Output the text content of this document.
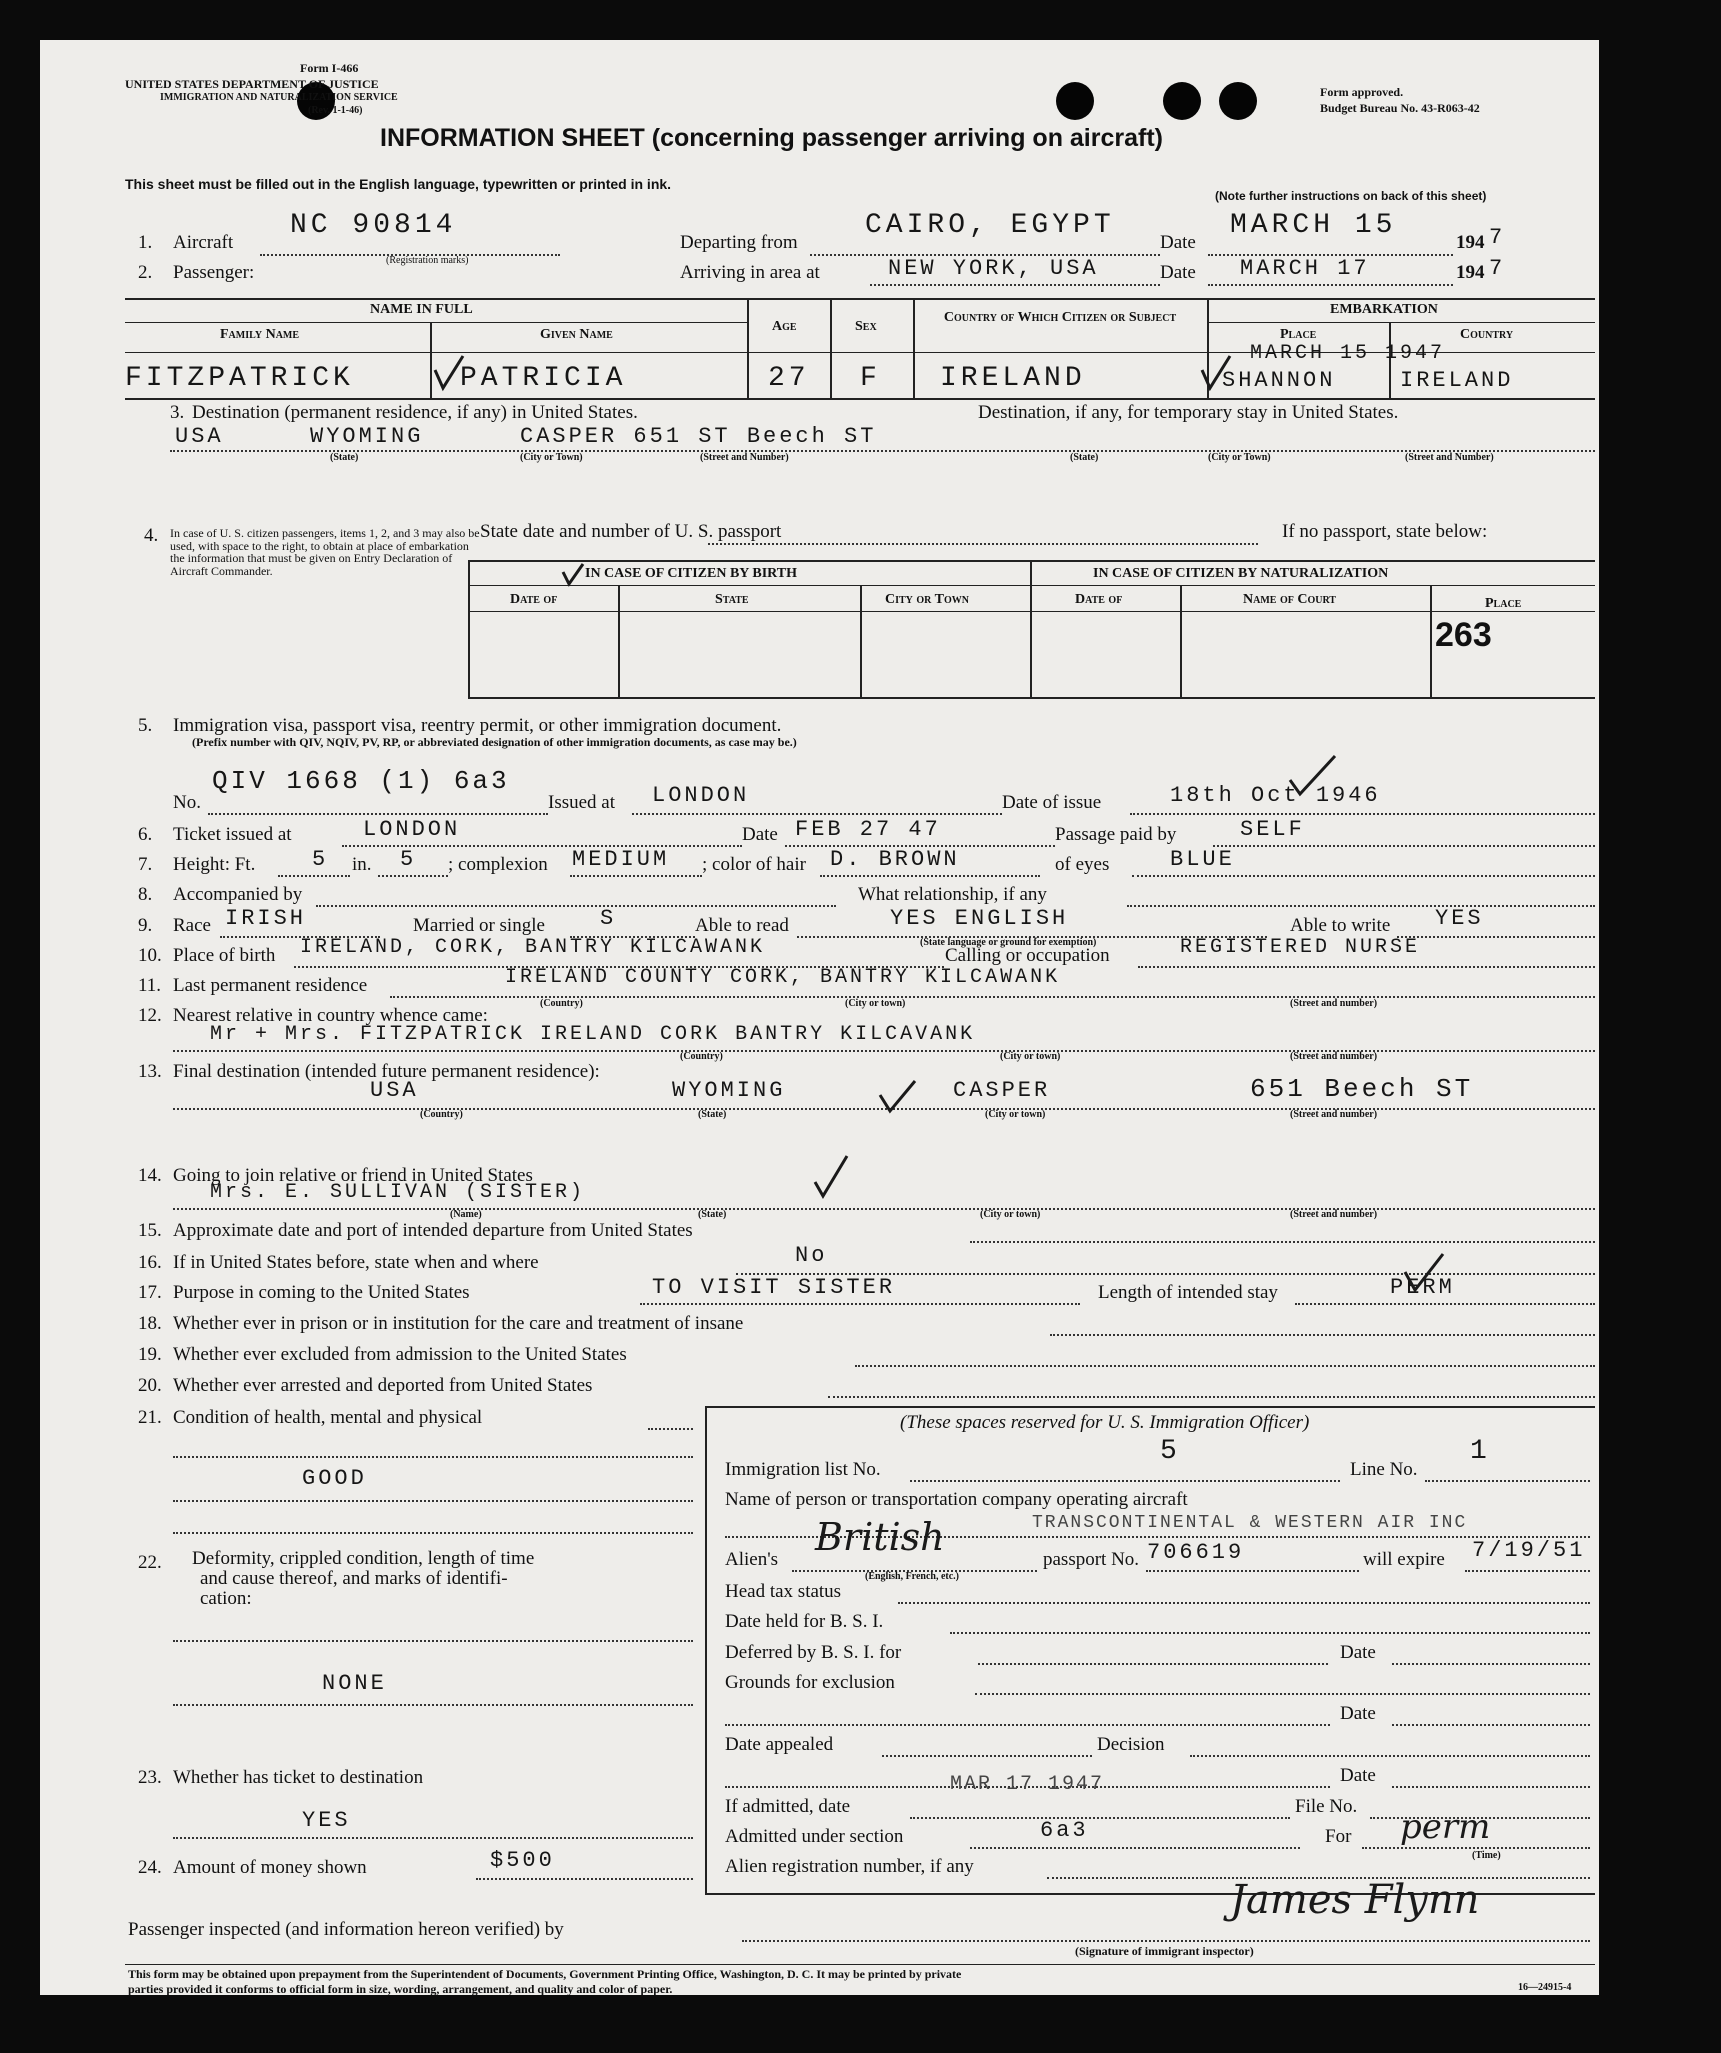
Form I-466
UNITED STATES DEPARTMENT OF JUSTICE
IMMIGRATION AND NATURALIZATION SERVICE
(Rev. 1-1-46)
Form approved.
Budget Bureau No. 43-R063-42
INFORMATION SHEET (concerning passenger arriving on aircraft)
This sheet must be filled out in the English language, typewritten or printed in ink.
(Note further instructions on back of this sheet)
1. Aircraft
NC 90814
(Registration marks)
Departing from
CAIRO, EGYPT
Date
MARCH 15
194 7
2. Passenger:	Arriving in area at	NEW YORK, USA	Date MARCH 17	194 7
NAME IN FULL
Family Name	Given Name
Age	Sex
Country of Which Citizen or Subject
EMBARKATION
Place	Country
FITZPATRICK	PATRICIA	27 F IRELAND
MARCH 15 1947
SHANNON	IRELAND
3. Destination (permanent residence, if any) in United States.	Destination, if any, for temporary stay in United States.
USA	WYOMING	CASPER 651 ST Beech ST
(State)	(City or Town)	(Street and Number)	(State)	(City or Town)	(Street and Number)
4. In case of U. S. citizen passengers, items 1, 2, and 3 may also be used, with space to the right, to obtain at place of embarkation the information that must be given on Entry Declaration of Aircraft Commander.
State date and number of U. S. passport	If no passport, state below:
IN CASE OF CITIZEN BY BIRTH	IN CASE OF CITIZEN BY NATURALIZATION
Date of	State	City or Town	Date of	Name of Court	Place
263
5. Immigration visa, passport visa, reentry permit, or other immigration document.
(Prefix number with QIV, NQIV, PV, RP, or abbreviated designation of other immigration documents, as case may be.)
No.
QIV 1668 (1) 6a3
Issued at LONDON	Date of issue	18th Oct 1946
6. Ticket issued at	LONDON	Date FEB 27 47	Passage paid by	SELF
7. Height: Ft.	5 in. 5 ; complexion MEDIUM ; color of hair D. BROWN	of eyes	BLUE
8. Accompanied by	What relationship, if any
9. Race IRISH	Married or single	S	Able to read	YES ENGLISH
(State language or ground for exemption)
Able to write YES
10. Place of birth IRELAND, CORK, BANTRY KILCAWANK	Calling or occupation	REGISTERED NURSE
11. Last permanent residence	IRELAND COUNTY CORK, BANTRY KILCAWANK
(Country)	(City or town)	(Street and number)
12. Nearest relative in country whence came:
Mr + Mrs. FITZPATRICK IRELAND CORK BANTRY KILCAVANK
(Country)	(City or town)	(Street and number)
13. Final destination (intended future permanent residence):
USA	WYOMING	CASPER	651 Beech ST
(Country)	(State)	(City or town)	(Street and number)
14. Going to join relative or friend in United States
Mrs. E. SULLIVAN (SISTER)
(Name)	(State)	(City or town)	(Street and number)
15. Approximate date and port of intended departure from United States
16. If in United States before, state when and where	No
17. Purpose in coming to the United States	TO VISIT SISTER	Length of intended stay	PERM
18. Whether ever in prison or in institution for the care and treatment of insane
19. Whether ever excluded from admission to the United States
20. Whether ever arrested and deported from United States
21. Condition of health, mental and physical
GOOD
22. Deformity, crippled condition, length of time
and cause thereof, and marks of identifi-
cation:
NONE
23. Whether has ticket to destination
YES
24. Amount of money shown	$500
(These spaces reserved for U. S. Immigration Officer)
Immigration list No.
5
Line No.
1
Name of person or transportation company operating aircraft
TRANSCONTINENTAL & WESTERN AIR INC
Alien's
British
(English, French, etc.)
passport No. 706619	will expire 7/19/51
Head tax status
Date held for B. S. I.
Deferred by B. S. I. for	Date
Grounds for exclusion
Date
Date appealed	Decision
Date
If admitted, date
MAR 17 1947
File No.
Admitted under section	6a3	For perm
(Time)
Alien registration number, if any
Passenger inspected (and information hereon verified) by
James Flynn
(Signature of immigrant inspector)
This form may be obtained upon prepayment from the Superintendent of Documents, Government Printing Office, Washington, D. C. It may be printed by private
parties provided it conforms to official form in size, wording, arrangement, and quality and color of paper.	16—24915-4
